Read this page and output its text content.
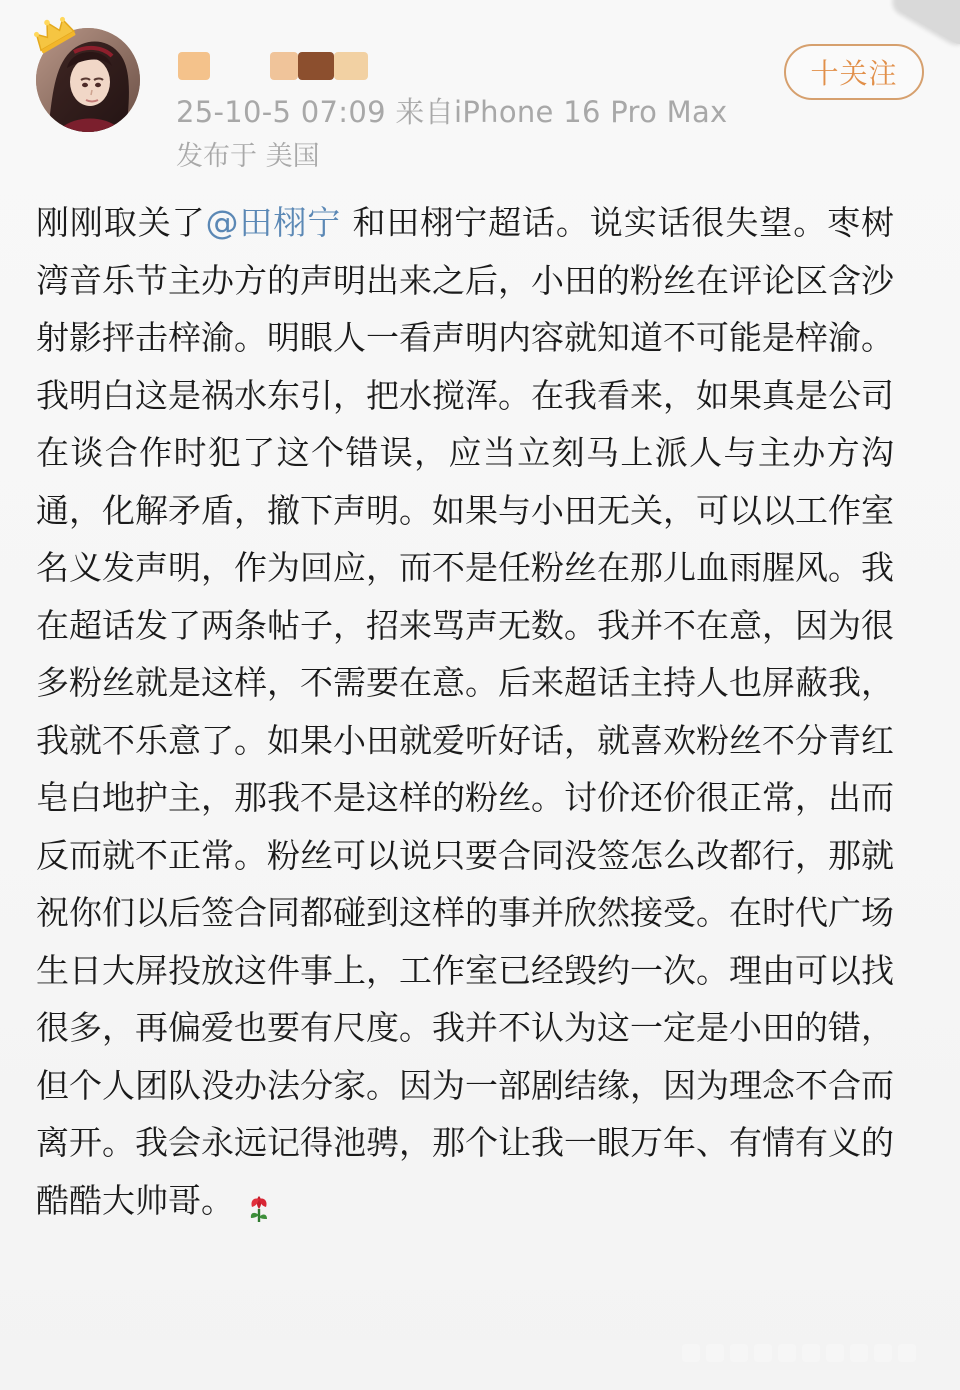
25-10-5 07:09 来自iPhone 16 Pro Max
发布于 美国
十关注
刚刚取关了@田栩宁 和田栩宁超话。说实话很失望。枣树湾音乐节主办方的声明出来之后，小田的粉丝在评论区含沙射影抨击梓渝。明眼人一看声明内容就知道不可能是梓渝。我明白这是祸水东引，把水搅浑。在我看来，如果真是公司在谈合作时犯了这个错误，应当立刻马上派人与主办方沟通，化解矛盾，撤下声明。如果与小田无关，可以以工作室名义发声明，作为回应，而不是任粉丝在那儿血雨腥风。我在超话发了两条帖子，招来骂声无数。我并不在意，因为很多粉丝就是这样，不需要在意。后来超话主持人也屏蔽我，我就不乐意了。如果小田就爱听好话，就喜欢粉丝不分青红皂白地护主，那我不是这样的粉丝。讨价还价很正常，出而反而就不正常。粉丝可以说只要合同没签怎么改都行，那就祝你们以后签合同都碰到这样的事并欣然接受。在时代广场生日大屏投放这件事上，工作室已经毁约一次。理由可以找很多，再偏爱也要有尺度。我并不认为这一定是小田的错，但个人团队没办法分家。因为一部剧结缘，因为理念不合而离开。我会永远记得池骋，那个让我一眼万年、有情有义的酷酷大帅哥。
